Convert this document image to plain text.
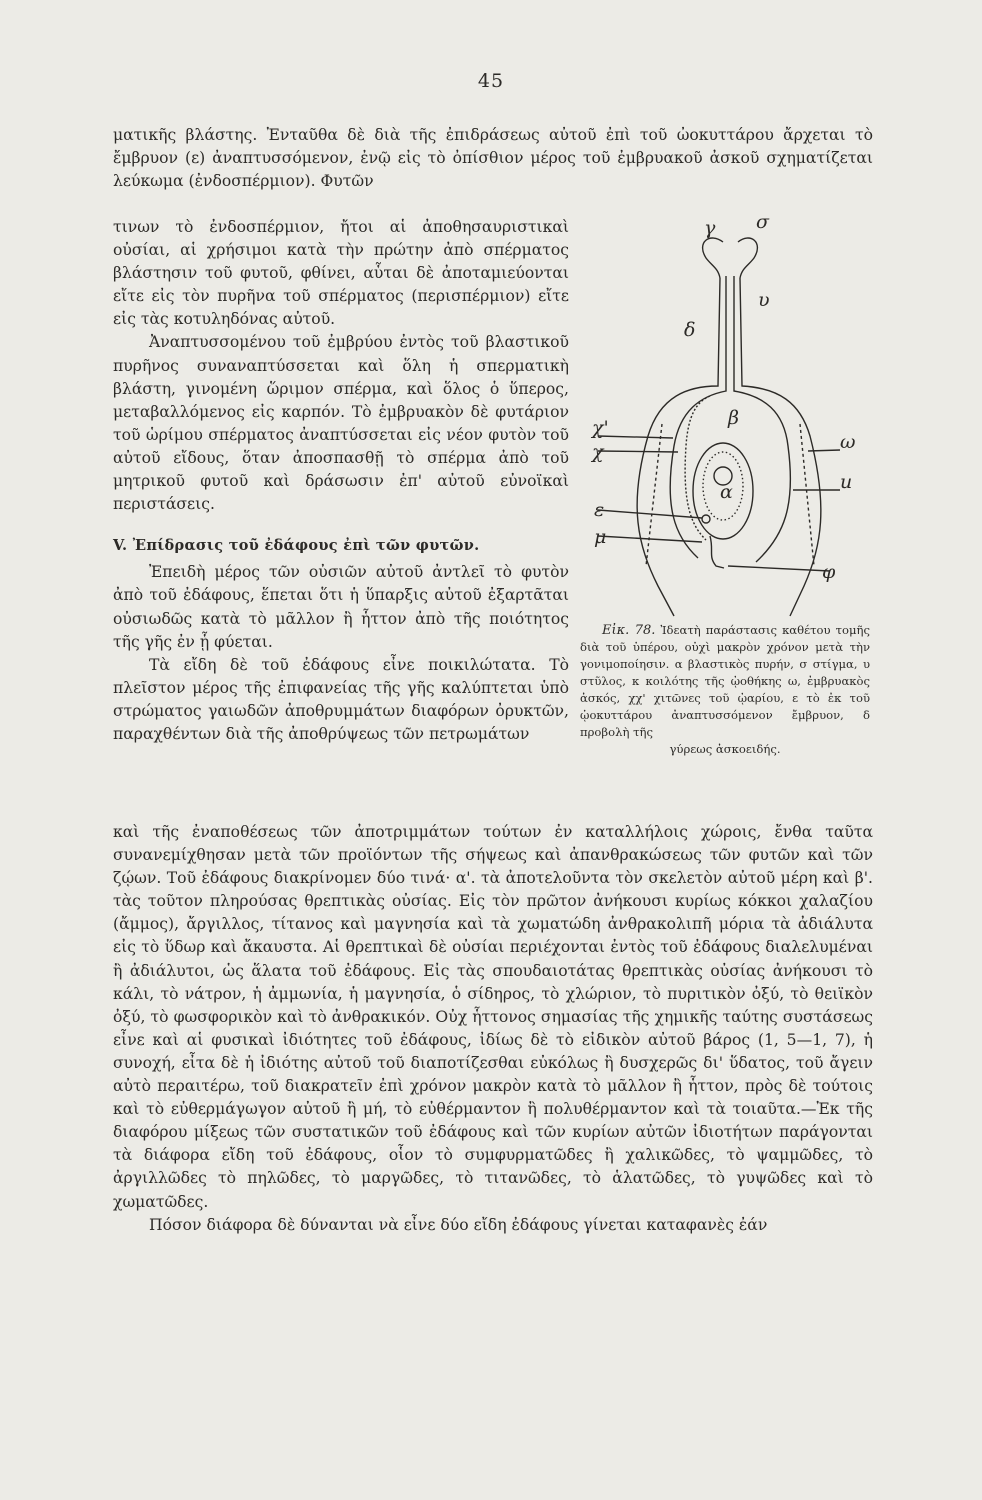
45

ματικῆς βλάστης. Ἐνταῦθα δὲ διὰ τῆς ἐπιδράσεως αὐτοῦ ἐπὶ τοῦ ὠοκυττάρου ἄρχεται τὸ ἔμβρυον (ε) ἀναπτυσσόμενον, ἐνῷ εἰς τὸ ὀπίσθιον μέρος τοῦ ἐμβρυακοῦ ἀσκοῦ σχηματίζεται λεύκωμα (ἐνδοσπέρμιον). Φυτῶν

τινων τὸ ἐνδοσπέρμιον, ἤτοι αἱ ἀποθησαυριστικαὶ οὐσίαι, αἱ χρήσιμοι κατὰ τὴν πρώτην ἀπὸ σπέρματος βλάστησιν τοῦ φυτοῦ, φθίνει, αὗται δὲ ἀποταμιεύονται εἴτε εἰς τὸν πυρῆνα τοῦ σπέρματος (περισπέρμιον) εἴτε εἰς τὰς κοτυληδόνας αὐτοῦ.

Ἀναπτυσσομένου τοῦ ἐμβρύου ἐντὸς τοῦ βλαστικοῦ πυρῆνος συναναπτύσσεται καὶ ὅλη ἡ σπερματικὴ βλάστη, γινομένη ὥριμον σπέρμα, καὶ ὅλος ὁ ὕπερος, μεταβαλλόμενος εἰς καρπόν. Τὸ ἐμβρυακὸν δὲ φυτάριον τοῦ ὡρίμου σπέρματος ἀναπτύσσεται εἰς νέον φυτὸν τοῦ αὐτοῦ εἴδους, ὅταν ἀποσπασθῇ τὸ σπέρμα ἀπὸ τοῦ μητρικοῦ φυτοῦ καὶ δράσωσιν ἐπ' αὐτοῦ εὐνοϊκαὶ περιστάσεις.

V. Ἐπίδρασις τοῦ ἐδάφους ἐπὶ τῶν φυτῶν.

Ἐπειδὴ μέρος τῶν οὐσιῶν αὐτοῦ ἀντλεῖ τὸ φυτὸν ἀπὸ τοῦ ἐδάφους, ἕπεται ὅτι ἡ ὕπαρξις αὐτοῦ ἐξαρτᾶται οὐσιωδῶς κατὰ τὸ μᾶλλον ἢ ἧττον ἀπὸ τῆς ποιότητος τῆς γῆς ἐν ᾗ φύεται.

Τὰ εἴδη δὲ τοῦ ἐδάφους εἶνε ποικιλώτατα. Τὸ πλεῖστον μέρος τῆς ἐπιφανείας τῆς γῆς καλύπτεται ὑπὸ στρώματος γαιωδῶν ἀποθρυμμάτων διαφόρων ὀρυκτῶν, παραχθέντων διὰ τῆς ἀποθρύψεως τῶν πετρωμάτων

γ σ
υ
δ
β
ω
χ'
χ
α	u
ε
μ
φ
Εἰκ. 78. Ἰδεατὴ παράστασις καθέτου τομῆς διὰ τοῦ ὑπέρου, οὐχὶ μακρὸν χρόνον μετὰ τὴν γονιμοποίησιν. α βλαστικὸς πυρήν, σ στίγμα, υ στῦλος, κ κοιλότης τῆς ᾠοθήκης ω, ἐμβρυακὸς ἀσκός, χχ' χιτῶνες τοῦ ᾠαρίου, ε τὸ ἐκ τοῦ ᾠοκυττάρου ἀναπτυσσόμενον ἔμβρυον, δ προβολὴ τῆς
γύρεως ἀσκοειδής.

καὶ τῆς ἐναποθέσεως τῶν ἀποτριμμάτων τούτων ἐν καταλλήλοις χώροις, ἔνθα ταῦτα συνανεμίχθησαν μετὰ τῶν προϊόντων τῆς σήψεως καὶ ἀπανθρακώσεως τῶν φυτῶν καὶ τῶν ζῴων. Τοῦ ἐδάφους διακρίνομεν δύο τινά· α'. τὰ ἀποτελοῦντα τὸν σκελετὸν αὐτοῦ μέρη καὶ β'. τὰς τοῦτον πληρούσας θρεπτικὰς οὐσίας. Εἰς τὸν πρῶτον ἀνήκουσι κυρίως κόκκοι χαλαζίου (ἄμμος), ἄργιλλος, τίτανος καὶ μαγνησία καὶ τὰ χωματώδη ἀνθρακολιπῆ μόρια τὰ ἀδιάλυτα εἰς τὸ ὕδωρ καὶ ἄκαυστα. Αἱ θρεπτικαὶ δὲ οὐσίαι περιέχονται ἐντὸς τοῦ ἐδάφους διαλελυμέναι ἢ ἀδιάλυτοι, ὡς ἅλατα τοῦ ἐδάφους. Εἰς τὰς σπουδαιοτάτας θρεπτικὰς οὐσίας ἀνήκουσι τὸ κάλι, τὸ νάτρον, ἡ ἀμμωνία, ἡ μαγνησία, ὁ σίδηρος, τὸ χλώριον, τὸ πυριτικὸν ὀξύ, τὸ θειϊκὸν ὀξύ, τὸ φωσφορικὸν καὶ τὸ ἀνθρακικόν. Οὐχ ἧττονος σημασίας τῆς χημικῆς ταύτης συστάσεως εἶνε καὶ αἱ φυσικαὶ ἰδιότητες τοῦ ἐδάφους, ἰδίως δὲ τὸ εἰδικὸν αὐτοῦ βάρος (1, 5—1, 7), ἡ συνοχή, εἶτα δὲ ἡ ἰδιότης αὐτοῦ τοῦ διαποτίζεσθαι εὐκόλως ἢ δυσχερῶς δι' ὕδατος, τοῦ ἄγειν αὐτὸ περαιτέρω, τοῦ διακρατεῖν ἐπὶ χρόνον μακρὸν κατὰ τὸ μᾶλλον ἢ ἧττον, πρὸς δὲ τούτοις καὶ τὸ εὐθερμάγωγον αὐτοῦ ἢ μή, τὸ εὐθέρμαντον ἢ πολυθέρμαντον καὶ τὰ τοιαῦτα.—Ἐκ τῆς διαφόρου μίξεως τῶν συστατικῶν τοῦ ἐδάφους καὶ τῶν κυρίων αὐτῶν ἰδιοτήτων παράγονται τὰ διάφορα εἴδη τοῦ ἐδάφους, οἷον τὸ συμφυρματῶδες ἢ χαλικῶδες, τὸ ψαμμῶδες, τὸ ἀργιλλῶδες τὸ πηλῶδες, τὸ μαργῶδες, τὸ τιτανῶδες, τὸ ἁλατῶδες, τὸ γυψῶδες καὶ τὸ χωματῶδες.

Πόσον διάφορα δὲ δύνανται νὰ εἶνε δύο εἴδη ἐδάφους γίνεται καταφανὲς ἐάν
